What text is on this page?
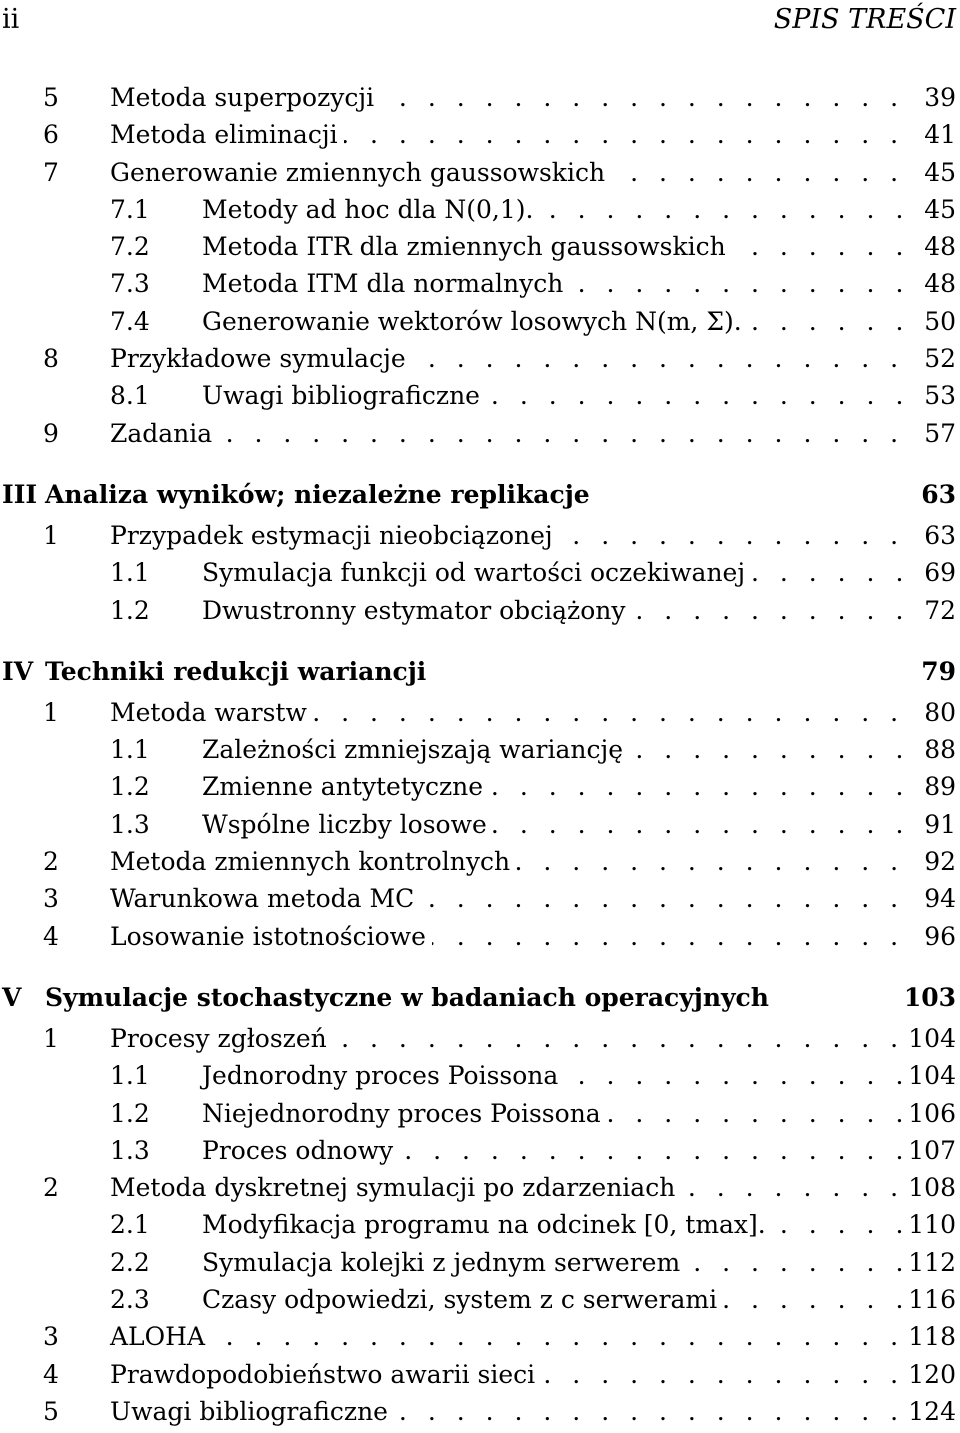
ii	SPIS TREŚCI
5 . . . Metoda superpozycji	39
6 . . . Metoda eliminacji	41
7 . . . Generowanie zmiennych gaussowskich	45
7.1 . . . Metody ad hoc dla N(0,1).	45
7.2 . . . Metoda ITR dla zmiennych gaussowskich	48
7.3 . . . Metoda ITM dla normalnych	48
7.4 . . . Generowanie wektorów losowych N(m, Σ).	50
8 . . . Przykładowe symulacje	52
8.1 . . . Uwagi bibliograficzne	53
9 . . . Zadania	57
III Analiza wyników; niezależne replikacje	63
1 . . . Przypadek estymacji nieobciązonej	63
1.1 . . . Symulacja funkcji od wartości oczekiwanej	69
1.2 . . . Dwustronny estymator obciążony	72
IV Techniki redukcji wariancji	79
1 . . . Metoda warstw	80
1.1 . . . Zależności zmniejszają wariancję	88
1.2 . . . Zmienne antytetyczne	89
1.3 . . . Wspólne liczby losowe	91
2 . . . Metoda zmiennych kontrolnych	92
3 . . . Warunkowa metoda MC	94
4 . . . Losowanie istotnościowe	96
V Symulacje stochastyczne w badaniach operacyjnych	103
1 . . . Procesy zgłoszeń	104
1.1 . . . Jednorodny proces Poissona	104
1.2 . . . Niejednorodny proces Poissona	106
1.3 . . . Proces odnowy	107
2 . . . Metoda dyskretnej symulacji po zdarzeniach	108
2.1 . . . Modyfikacja programu na odcinek [0, tmax].	110
2.2 . . . Symulacja kolejki z jednym serwerem	112
2.3 . . . Czasy odpowiedzi, system z c serwerami	116
3 . . . ALOHA	118
4 . . . Prawdopodobieństwo awarii sieci	120
5 . . . Uwagi bibliograficzne	124
